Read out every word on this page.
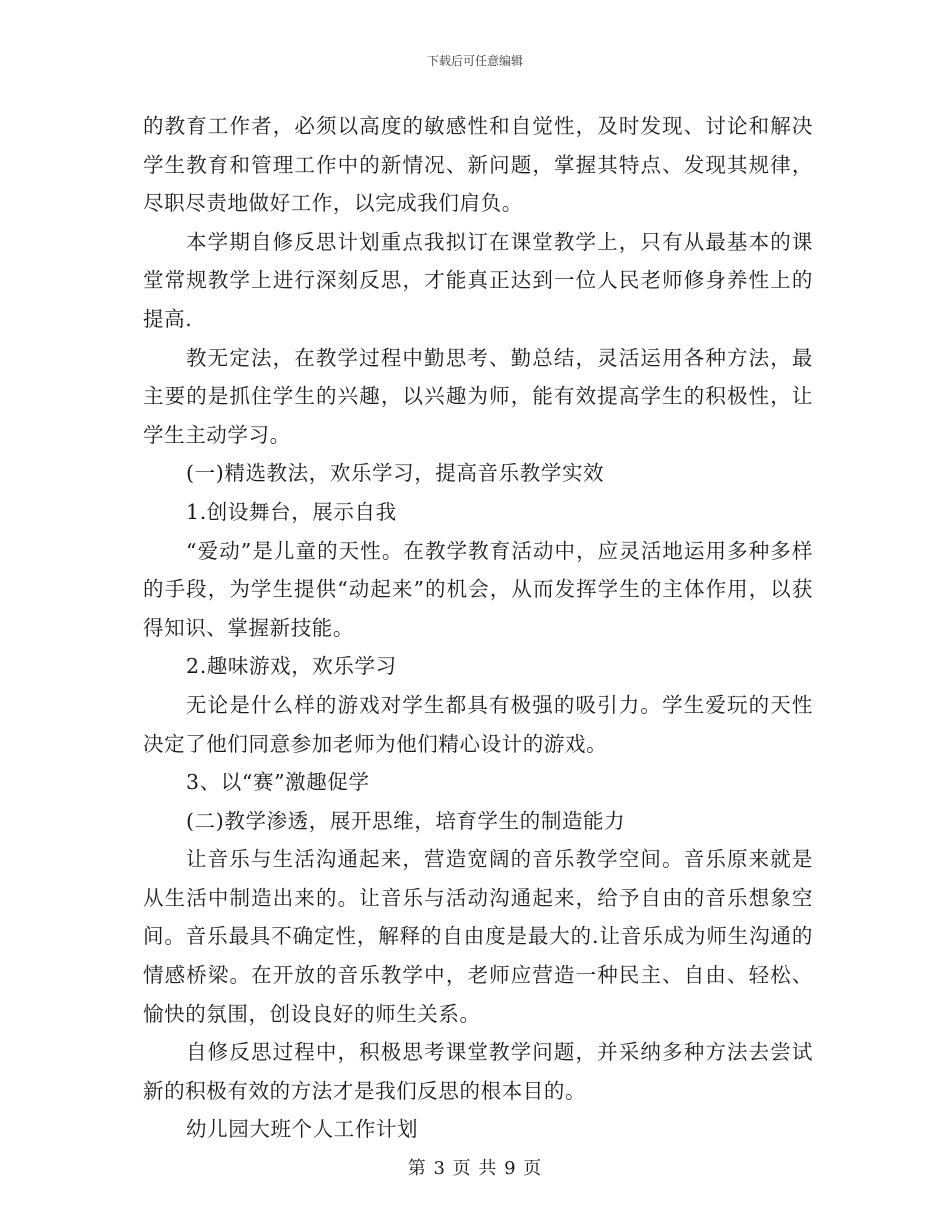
下载后可任意编辑

的教育工作者，必须以高度的敏感性和自觉性，及时发现、讨论和解决学生教育和管理工作中的新情况、新问题，掌握其特点、发现其规律，尽职尽责地做好工作，以完成我们肩负。

本学期自修反思计划重点我拟订在课堂教学上，只有从最基本的课堂常规教学上进行深刻反思，才能真正达到一位人民老师修身养性上的提高.

教无定法，在教学过程中勤思考、勤总结，灵活运用各种方法，最主要的是抓住学生的兴趣，以兴趣为师，能有效提高学生的积极性，让学生主动学习。

(一)精选教法，欢乐学习，提高音乐教学实效

1.创设舞台，展示自我

“爱动”是儿童的天性。在教学教育活动中，应灵活地运用多种多样的手段，为学生提供“动起来”的机会，从而发挥学生的主体作用，以获得知识、掌握新技能。

2.趣味游戏，欢乐学习

无论是什么样的游戏对学生都具有极强的吸引力。学生爱玩的天性决定了他们同意参加老师为他们精心设计的游戏。

3、以“赛”激趣促学

(二)教学渗透，展开思维，培育学生的制造能力

让音乐与生活沟通起来，营造宽阔的音乐教学空间。音乐原来就是从生活中制造出来的。让音乐与活动沟通起来，给予自由的音乐想象空间。音乐最具不确定性，解释的自由度是最大的.让音乐成为师生沟通的情感桥梁。在开放的音乐教学中，老师应营造一种民主、自由、轻松、愉快的氛围，创设良好的师生关系。

自修反思过程中，积极思考课堂教学问题，并采纳多种方法去尝试新的积极有效的方法才是我们反思的根本目的。

幼儿园大班个人工作计划

第 3 页 共 9 页
